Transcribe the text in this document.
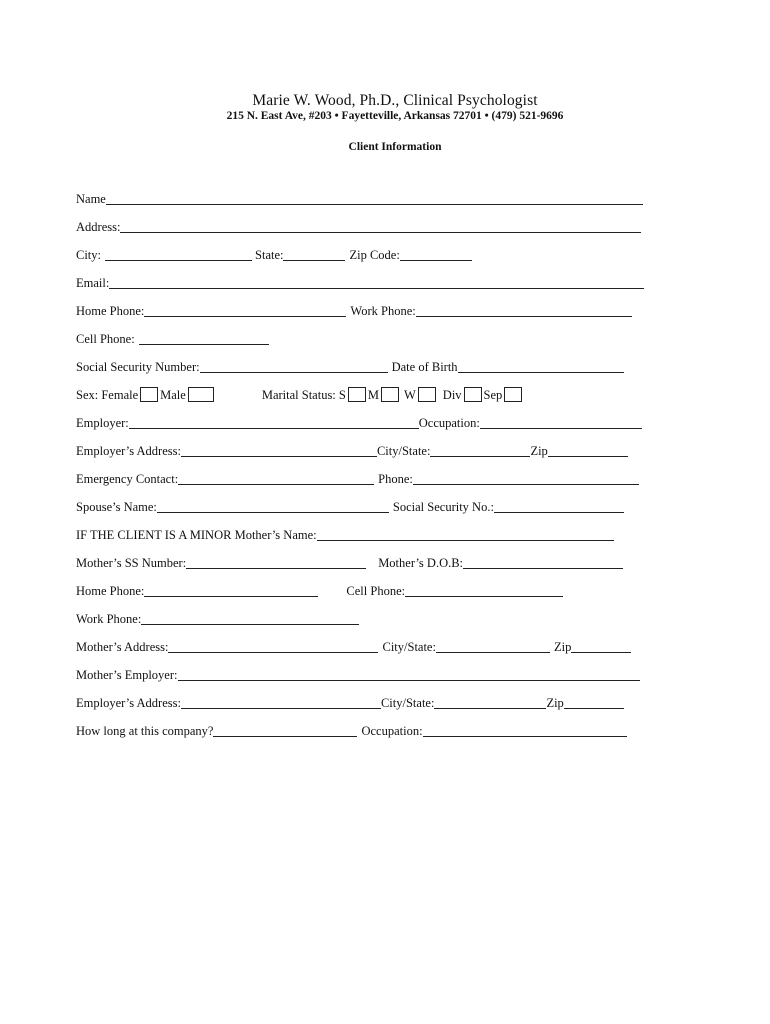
Marie W. Wood, Ph.D., Clinical Psychologist
215 N. East Ave, #203 • Fayetteville, Arkansas 72701 • (479) 521-9696
Client Information
Name
Address:
City:	State:	Zip Code:
Email:
Home Phone:	Work Phone:
Cell Phone:
Social Security Number:	Date of Birth
Sex: Female Male	Marital Status: S M W Div Sep
Employer:	Occupation:
Employer’s Address:	City/State:	Zip
Emergency Contact:	Phone:
Spouse’s Name:	Social Security No.:
IF THE CLIENT IS A MINOR Mother’s Name:
Mother’s SS Number:	Mother’s D.O.B:
Home Phone:	Cell Phone:
Work Phone:
Mother’s Address:	City/State:	Zip
Mother’s Employer:
Employer’s Address:	City/State:	Zip
How long at this company?	Occupation:
